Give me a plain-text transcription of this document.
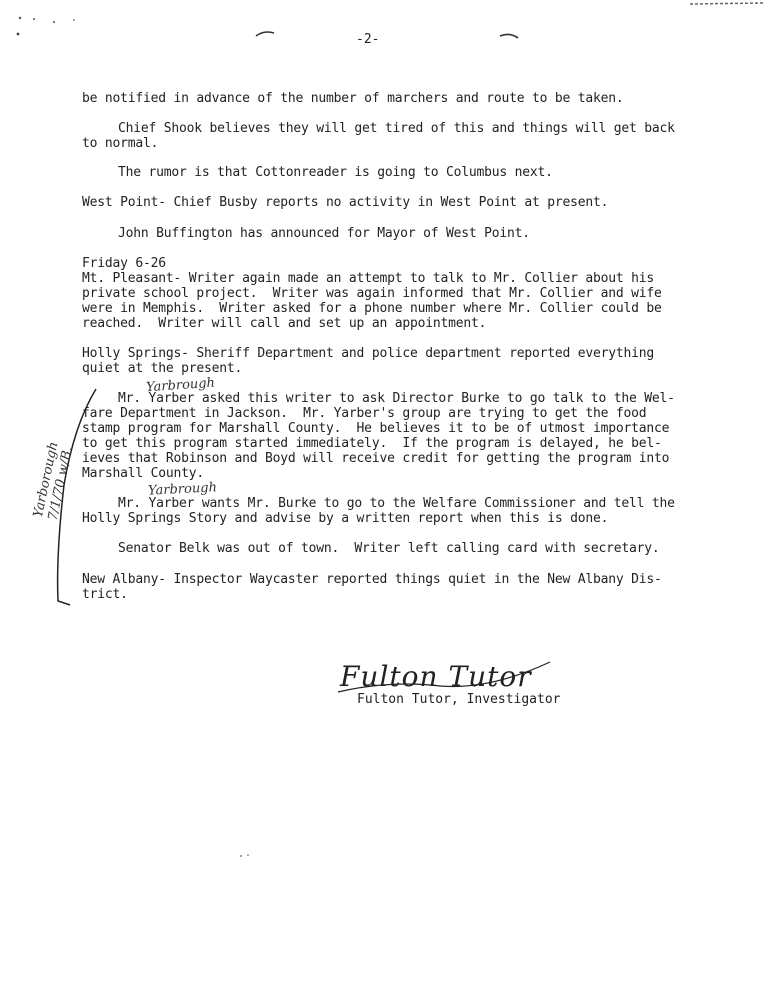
-2-
be notified in advance of the number of marchers and route to be taken.
Chief Shook believes they will get tired of this and things will get back
to normal.
The rumor is that Cottonreader is going to Columbus next.
West Point- Chief Busby reports no activity in West Point at present.
John Buffington has announced for Mayor of West Point.
Friday 6-26
Mt. Pleasant- Writer again made an attempt to talk to Mr. Collier about his
private school project.  Writer was again informed that Mr. Collier and wife
were in Memphis.  Writer asked for a phone number where Mr. Collier could be
reached.  Writer will call and set up an appointment.
Holly Springs- Sheriff Department and police department reported everything
quiet at the present.
Yarbrough
Mr. Yarber asked this writer to ask Director Burke to go talk to the Wel-
fare Department in Jackson.  Mr. Yarber's group are trying to get the food
stamp program for Marshall County.  He believes it to be of utmost importance
to get this program started immediately.  If the program is delayed, he bel-
ieves that Robinson and Boyd will receive credit for getting the program into
Marshall County.
Yarbrough
Mr. Yarber wants Mr. Burke to go to the Welfare Commissioner and tell the
Holly Springs Story and advise by a written report when this is done.
Senator Belk was out of town.  Writer left calling card with secretary.
New Albany- Inspector Waycaster reported things quiet in the New Albany Dis-
trict.
Yarborough 7/1/70 w/B.
Fulton Tutor
Fulton Tutor, Investigator
